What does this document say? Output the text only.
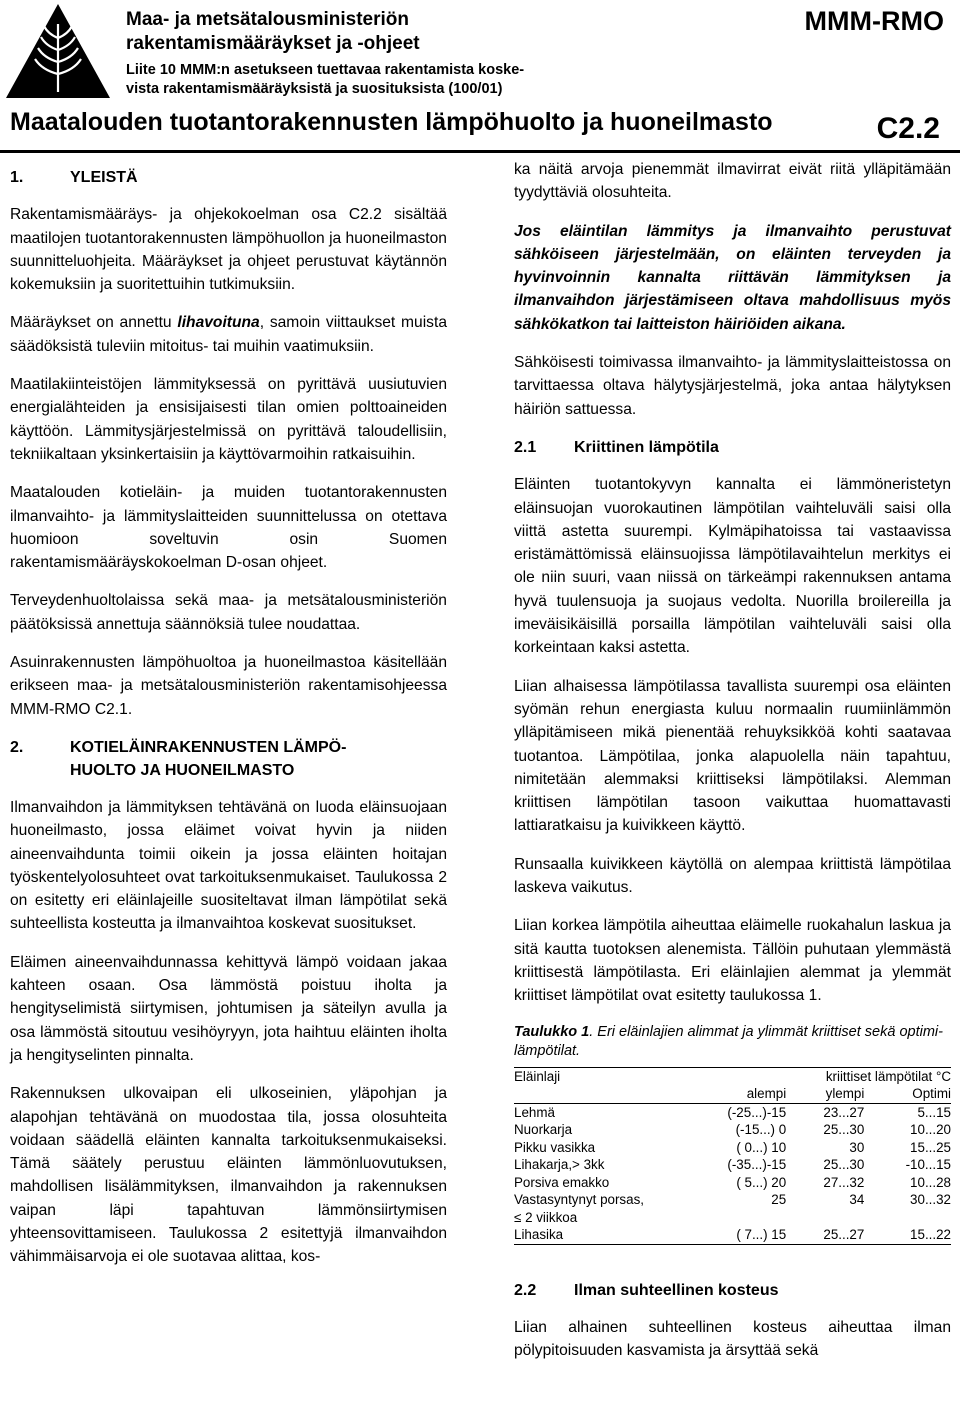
Maa- ja metsätalousministeriön
rakentamismääräykset ja -ohjeet
Liite 10 MMM:n asetukseen tuettavaa rakentamista koske-
vista rakentamismääräyksistä ja suosituksista (100/01)
MMM-RMO
Maatalouden tuotantorakennusten lämpöhuolto ja huoneilmasto	C2.2
1.	YLEISTÄ

Rakentamismääräys- ja ohjekokoelman osa C2.2 sisältää maatilojen tuotantorakennusten lämpöhuollon ja huoneilmaston suunnitteluohjeita. Määräykset ja ohjeet perustuvat käytännön kokemuksiin ja suoritettuihin tutkimuksiin.

Määräykset on annettu lihavoituna, samoin viittaukset muista säädöksistä tuleviin mitoitus- tai muihin vaatimuksiin.

Maatilakiinteistöjen lämmityksessä on pyrittävä uusiutuvien energialähteiden ja ensisijaisesti tilan omien polttoaineiden käyttöön. Lämmitysjärjestelmissä on pyrittävä taloudellisiin, tekniikaltaan yksinkertaisiin ja käyttövarmoihin ratkaisuihin.

Maatalouden kotieläin- ja muiden tuotantorakennusten ilmanvaihto- ja lämmityslaitteiden suunnittelussa on otettava huomioon soveltuvin osin Suomen rakentamismääräyskokoelman D-osan ohjeet.

Terveydenhuoltolaissa sekä maa- ja metsätalousministeriön päätöksissä annettuja säännöksiä tulee noudattaa.

Asuinrakennusten lämpöhuoltoa ja huoneilmastoa käsitellään erikseen maa- ja metsätalousministeriön rakentamisohjeessa MMM-RMO C2.1.

2.	KOTIELÄINRAKENNUSTEN LÄMPÖ-
HUOLTO JA HUONEILMASTO

Ilmanvaihdon ja lämmityksen tehtävänä on luoda eläinsuojaan huoneilmasto, jossa eläimet voivat hyvin ja niiden aineenvaihdunta toimii oikein ja jossa eläinten hoitajan työskentelyolosuhteet ovat tarkoituksenmukaiset. Taulukossa 2 on esitetty eri eläinlajeille suositeltavat ilman lämpötilat sekä suhteellista kosteutta ja ilmanvaihtoa koskevat suositukset.

Eläimen aineenvaihdunnassa kehittyvä lämpö voidaan jakaa kahteen osaan. Osa lämmöstä poistuu iholta ja hengityselimistä siirtymisen, johtumisen ja säteilyn avulla ja osa lämmöstä sitoutuu vesihöyryyn, jota haihtuu eläinten iholta ja hengityselinten pinnalta.

Rakennuksen ulkovaipan eli ulkoseinien, yläpohjan ja alapohjan tehtävänä on muodostaa tila, jossa olosuhteita voidaan säädellä eläinten kannalta tarkoituksenmukaiseksi. Tämä säätely perustuu eläinten lämmönluovutuksen, mahdollisen lisälämmityksen, ilmanvaihdon ja rakennuksen vaipan läpi tapahtuvan lämmönsiirtymisen yhteensovittamiseen. Taulukossa 2 esitettyjä ilmanvaihdon vähimmäisarvoja ei ole suotavaa alittaa, kos-

ka näitä arvoja pienemmät ilmavirrat eivät riitä ylläpitämään tyydyttäviä olosuhteita.

Jos eläintilan lämmitys ja ilmanvaihto perustuvat sähköiseen järjestelmään, on eläinten terveyden ja hyvinvoinnin kannalta riittävän lämmityksen ja ilmanvaihdon järjestämiseen oltava mahdollisuus myös sähkökatkon tai laitteiston häiriöiden aikana.

Sähköisesti toimivassa ilmanvaihto- ja lämmityslaitteistossa on tarvittaessa oltava hälytysjärjestelmä, joka antaa hälytyksen häiriön sattuessa.

2.1	Kriittinen lämpötila

Eläinten tuotantokyvyn kannalta ei lämmöneristetyn eläinsuojan vuorokautinen lämpötilan vaihteluväli saisi olla viittä astetta suurempi. Kylmäpihatoissa tai vastaavissa eristämättömissä eläinsuojissa lämpötilavaihtelun merkitys ei ole niin suuri, vaan niissä on tärkeämpi rakennuksen antama hyvä tuulensuoja ja suojaus vedolta. Nuorilla broilereilla ja imeväisikäisillä porsailla lämpötilan vaihteluväli saisi olla korkeintaan kaksi astetta.

Liian alhaisessa lämpötilassa tavallista suurempi osa eläinten syömän rehun energiasta kuluu normaalin ruumiinlämmön ylläpitämiseen mikä pienentää rehuyksikköä kohti saatavaa tuotantoa. Lämpötilaa, jonka alapuolella näin tapahtuu, nimitetään alemmaksi kriittiseksi lämpötilaksi. Alemman kriittisen lämpötilan tasoon vaikuttaa huomattavasti lattiaratkaisu ja kuivikkeen käyttö.

Runsaalla kuivikkeen käytöllä on alempaa kriittistä lämpötilaa laskeva vaikutus.

Liian korkea lämpötila aiheuttaa eläimelle ruokahalun laskua ja sitä kautta tuotoksen alenemista. Tällöin puhutaan ylemmästä kriittisestä lämpötilasta. Eri eläinlajien alemmat ja ylemmät kriittiset lämpötilat ovat esitetty taulukossa 1.

Taulukko 1. Eri eläinlajien alimmat ja ylimmät kriittiset sekä optimi-lämpötilat.
Eläinlaji	kriittiset lämpötilat °C		
	alempi	ylempi	Optimi
Lehmä	(-25...)-15	23...27	5...15
Nuorkarja	(-15...) 0	25...30	10...20
Pikku vasikka	( 0...) 10	30	15...25
Lihakarja,> 3kk	(-35...)-15	25...30	-10...15
Porsiva emakko	( 5...) 20	27...32	10...28
Vastasyntynyt porsas,	25	34	30...32
≤ 2 viikkoa			
Lihasika	( 7...) 15	25...27	15...22
2.2	Ilman suhteellinen kosteus

Liian alhainen suhteellinen kosteus aiheuttaa ilman pölypitoisuuden kasvamista ja ärsyttää sekä
